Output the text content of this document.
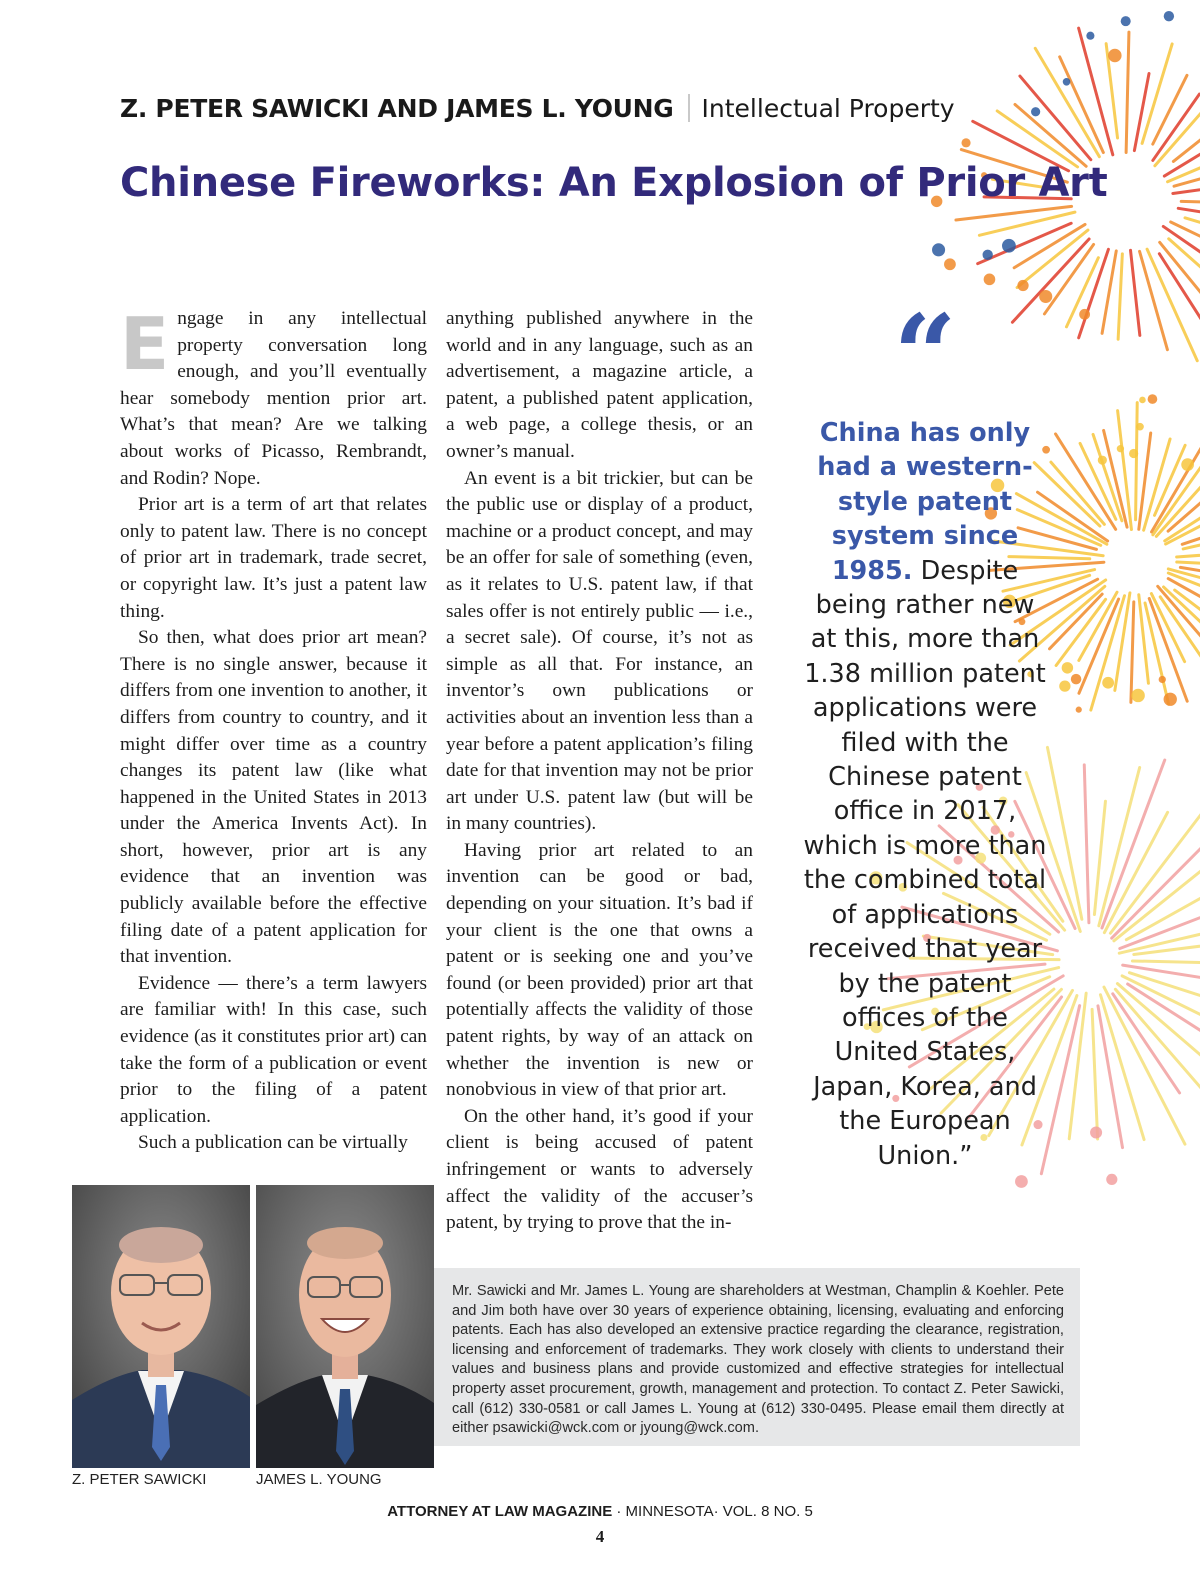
Z. PETER SAWICKI AND JAMES L. YOUNG Intellectual Property
Chinese Fireworks: An Explosion of Prior Art

Engage in any intellectual property conversation long enough, and you’ll eventually hear somebody mention prior art. What’s that mean? Are we talking about works of Picasso, Rembrandt, and Rodin? Nope.

Prior art is a term of art that relates only to patent law. There is no concept of prior art in trademark, trade secret, or copyright law. It’s just a patent law thing.

So then, what does prior art mean? There is no single answer, because it differs from one invention to another, it differs from country to country, and it might differ over time as a country changes its patent law (like what happened in the United States in 2013 under the America Invents Act). In short, however, prior art is any evidence that an invention was publicly available before the effective filing date of a patent application for that invention.

Evidence — there’s a term lawyers are familiar with! In this case, such evidence (as it constitutes prior art) can take the form of a publication or event prior to the filing of a patent application.

Such a publication can be virtually

anything published anywhere in the world and in any language, such as an advertisement, a magazine article, a patent, a published patent application, a web page, a college thesis, or an owner’s manual.

An event is a bit trickier, but can be the public use or display of a product, machine or a product concept, and may be an offer for sale of something (even, as it relates to U.S. patent law, if that sales offer is not entirely public — i.e., a secret sale). Of course, it’s not as simple as all that. For instance, an inventor’s own publications or activities about an invention less than a year before a patent application’s filing date for that invention may not be prior art under U.S. patent law (but will be in many countries).

Having prior art related to an invention can be good or bad, depending on your situation. It’s bad if your client is the one that owns a patent or is seeking one and you’ve found (or been provided) prior art that potentially affects the validity of those patent rights, by way of an attack on whether the invention is new or nonobvious in view of that prior art.

On the other hand, it’s good if your client is being accused of patent infringement or wants to adversely affect the validity of the accuser’s patent, by trying to prove that the in-

“
China has only had a western-style patent system since 1985. Despite being rather new at this, more than 1.38 million patent applications were filed with the Chinese patent office in 2017, which is more than the combined total of applications received that year by the patent offices of the United States, Japan, Korea, and the European Union.”
Z. PETER SAWICKI	JAMES L. YOUNG
Mr. Sawicki and Mr. James L. Young are shareholders at Westman, Champlin & Koehler. Pete and Jim both have over 30 years of experience obtaining, licensing, evaluating and enforcing patents. Each has also developed an extensive practice regarding the clearance, registration, licensing and enforcement of trademarks. They work closely with clients to understand their values and business plans and provide customized and effective strategies for intellectual property asset procurement, growth, management and protection. To contact Z. Peter Sawicki, call (612) 330-0581 or call James L. Young at (612) 330-0495. Please email them directly at either psawicki@wck.com or jyoung@wck.com.
ATTORNEY AT LAW MAGAZINE · MINNESOTA· VOL. 8 NO. 5
4
